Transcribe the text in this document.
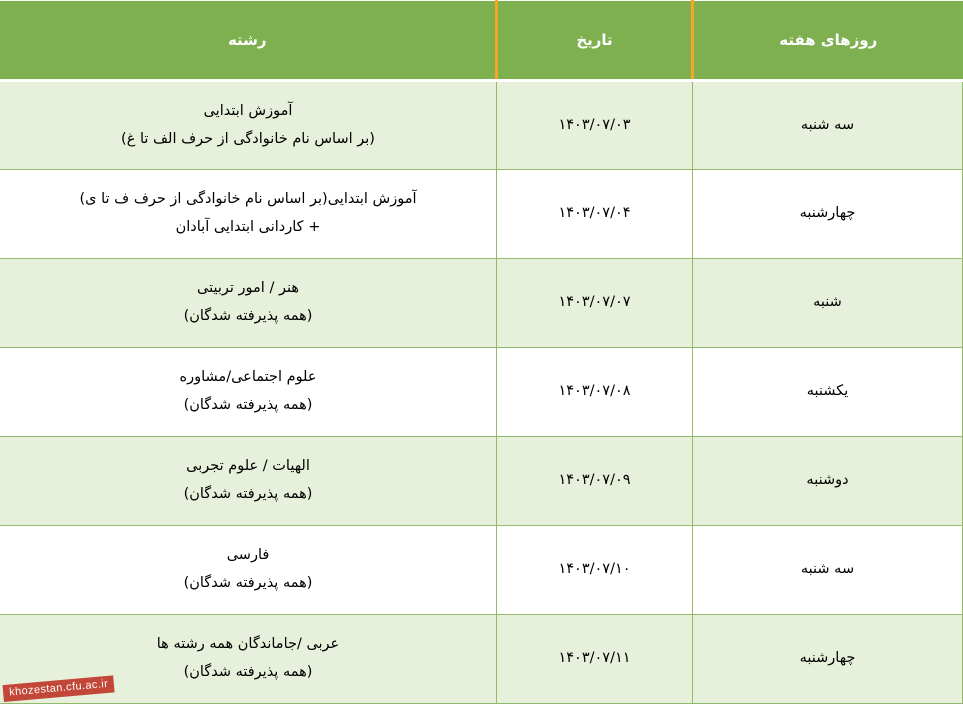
روزهای هفته	تاریخ	رشته
سه شنبه	۱۴۰۳/۰۷/۰۳	آموزش ابتدایی
(بر اساس نام خانوادگی از حرف الف تا غ)

چهارشنبه	۱۴۰۳/۰۷/۰۴	آموزش ابتدایی(بر اساس نام خانوادگی از حرف ف تا ی)
+ کاردانی ابتدایی آبادان

شنبه	۱۴۰۳/۰۷/۰۷	هنر / امور تربیتی
(همه پذیرفته شدگان)

یکشنبه	۱۴۰۳/۰۷/۰۸	علوم اجتماعی/مشاوره
(همه پذیرفته شدگان)

دوشنبه	۱۴۰۳/۰۷/۰۹	الهیات / علوم تجربی
(همه پذیرفته شدگان)

سه شنبه	۱۴۰۳/۰۷/۱۰	فارسی
(همه پذیرفته شدگان)

چهارشنبه	۱۴۰۳/۰۷/۱۱	عربی /جاماندگان همه رشته ها
(همه پذیرفته شدگان)
khozestan.cfu.ac.ir
